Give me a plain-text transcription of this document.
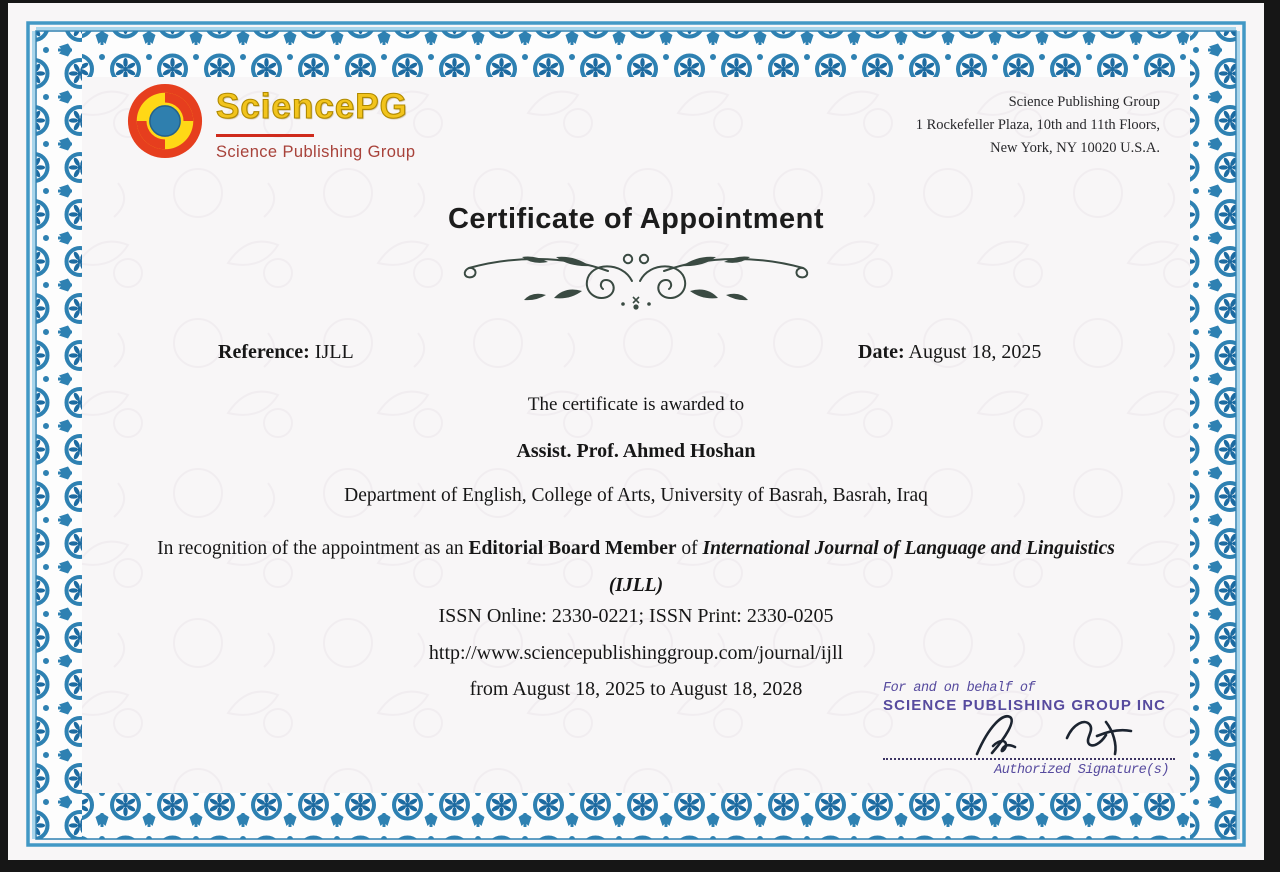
SciencePG
Science Publishing Group
Science Publishing Group
1 Rockefeller Plaza, 10th and 11th Floors,
New York, NY 10020 U.S.A.
Certificate of Appointment
Reference: IJLL	Date: August 18, 2025
The certificate is awarded to
Assist. Prof. Ahmed Hoshan
Department of English, College of Arts, University of Basrah, Basrah, Iraq
In recognition of the appointment as an Editorial Board Member of International Journal of Language and Linguistics (IJLL)
ISSN Online: 2330-0221; ISSN Print: 2330-0205
http://www.sciencepublishinggroup.com/journal/ijll
from August 18, 2025 to August 18, 2028	For and on behalf of
SCIENCE PUBLISHING GROUP INC
Authorized Signature(s)
